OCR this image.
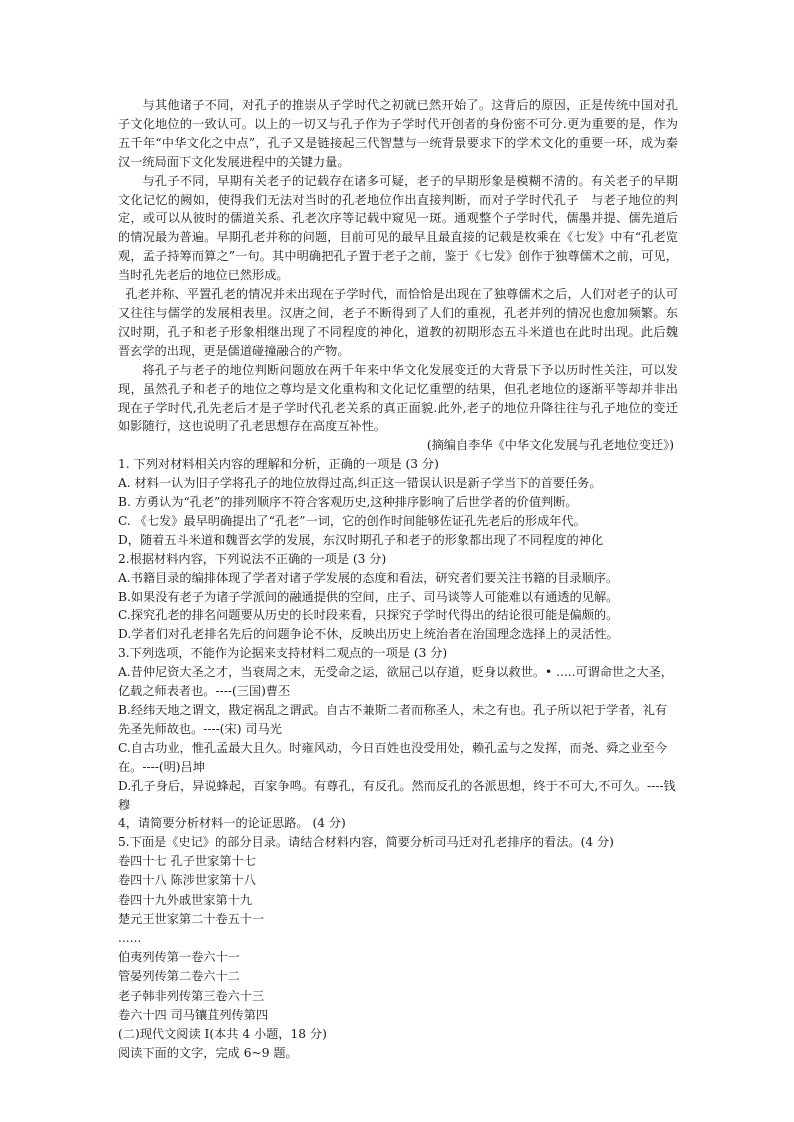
与其他诸子不同，对孔子的推崇从子学时代之初就已然开始了。这背后的原因，正是传统中国对孔子文化地位的一致认可。以上的一切又与孔子作为子学时代开创者的身份密不可分.更为重要的是，作为五千年“中华文化之中点”，孔子又是链接起三代智慧与一统背景要求下的学术文化的重要一环，成为秦汉一统局面下文化发展进程中的关键力量。

与孔子不同，早期有关老子的记载存在诸多可疑，老子的早期形象是模糊不清的。有关老子的早期文化记忆的阙如，使得我们无法对当时的孔老地位作出直接判断，而对子学时代孔子　与老子地位的判定，或可以从彼时的儒道关系、孔老次序等记载中窥见一斑。通观整个子学时代，儒墨并提、儒先道后的情况最为普遍。早期孔老并称的问题，目前可见的最早且最直接的记载是枚乘在《七发》中有“孔老览观，孟子持筹而算之”一句。其中明确把孔子置于老子之前，鉴于《七发》创作于独尊儒术之前，可见，当时孔先老后的地位已然形成。

孔老并称、平置孔老的情况并未出现在子学时代，而恰恰是出现在了独尊儒术之后，人们对老子的认可又往往与儒学的发展相表里。汉唐之间，老子不断得到了人们的重视，孔老并列的情况也愈加频繁。东汉时期，孔子和老子形象相继出现了不同程度的神化，道教的初期形态五斗米道也在此时出现。此后魏晋玄学的出现，更是儒道碰撞融合的产物。

将孔子与老子的地位判断问题放在两千年来中华文化发展变迁的大背景下予以历时性关注，可以发现，虽然孔子和老子的地位之尊均是文化重构和文化记忆重塑的结果，但孔老地位的逐渐平等却并非出现在子学时代,孔先老后才是子学时代孔老关系的真正面貌.此外,老子的地位升降往往与孔子地位的变迁如影随行，这也说明了孔老思想存在高度互补性。

(摘编自李华《中华文化发展与孔老地位变迁》)

1. 下列对材料相关内容的理解和分析，正确的一项是 (3 分)

A. 材料一认为旧子学将孔子的地位放得过高,纠正这一错误认识是新子学当下的首要任务。

B. 方勇认为“孔老”的排列顺序不符合客观历史,这种排序影响了后世学者的价值判断。

C. 《七发》最早明确提出了“孔老”一词，它的创作时间能够佐证孔先老后的形成年代。

D，随着五斗米道和魏晋玄学的发展，东汉时期孔子和老子的形象都出现了不同程度的神化

2.根据材料内容，下列说法不正确的一项是 (3 分)

A.书籍目录的编排体现了学者对诸子学发展的态度和看法，研究者们要关注书籍的目录顺序。

B.如果没有老子为诸子学派间的融通提供的空间，庄子、司马谈等人可能难以有通透的见解。

C.探究孔老的排名问题要从历史的长时段来看，只探究子学时代得出的结论很可能是偏颇的。

D.学者们对孔老排名先后的问题争论不休，反映出历史上统治者在治国理念选择上的灵活性。

3.下列选项，不能作为论据来支持材料二观点的一项是 (3 分)

A.昔仲尼资大圣之才，当衰周之末，无受命之运，欲屈己以存道，贬身以救世。• .....可谓命世之大圣，亿载之师表者也。----(三国)曹丕

B.经纬天地之谓文，戡定祸乱之谓武。自古不兼斯二者而称圣人，未之有也。孔子所以祀于学者，礼有先圣先师故也。----(宋) 司马光

C.自古功业，惟孔孟最大且久。时雍风动，今日百姓也没受用处，赖孔孟与之发挥，而尧、舜之业至今在。----(明)吕坤

D.孔子身后，异说蜂起，百家争鸣。有尊孔，有反孔。然而反孔的各派思想，终于不可大,不可久。----钱穆

4，请简要分析材料一的论证思路。 (4 分)

5.下面是《史记》的部分目录。请结合材料内容，简要分析司马迁对孔老排序的看法。(4 分)

卷四十七 孔子世家第十七

卷四十八 陈涉世家第十八

卷四十九外戚世家第十九

楚元王世家第二十卷五十一

......

伯夷列传第一卷六十一

管晏列传第二卷六十二

老子韩非列传第三卷六十三

卷六十四 司马镶苴列传第四

(二)现代文阅读 I(本共 4 小题，18 分)

阅读下面的文字，完成 6~9 题。
